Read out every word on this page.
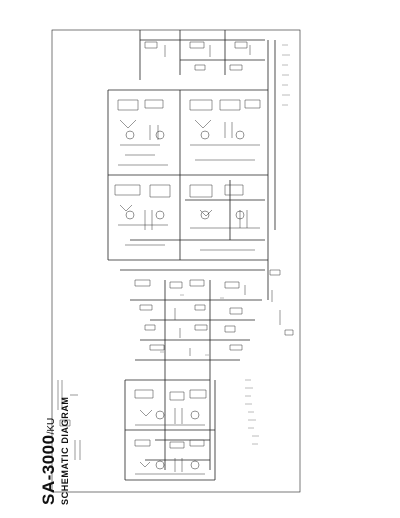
SA-3000/KU SCHEMATIC DIAGRAM
